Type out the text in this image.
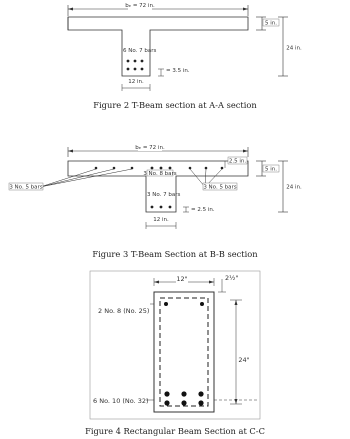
bₑ = 72 in.
5 in.
24 in.
6 No. 7 bars
= 3.5 in.
12 in.
Figure 2 T-Beam section at A-A section
bₑ = 72 in.
2.5 in.
5 in.
24 in.
3 No. 8 bars
3 No. 5 bars	3 No. 5 bars
3 No. 7 bars
= 2.5 in.
12 in.
Figure 3 T-Beam Section at B-B section
12"	2½"
24"
2 No. 8 (No. 25)
6 No. 10 (No. 32)
Figure 4 Rectangular Beam Section at C-C
